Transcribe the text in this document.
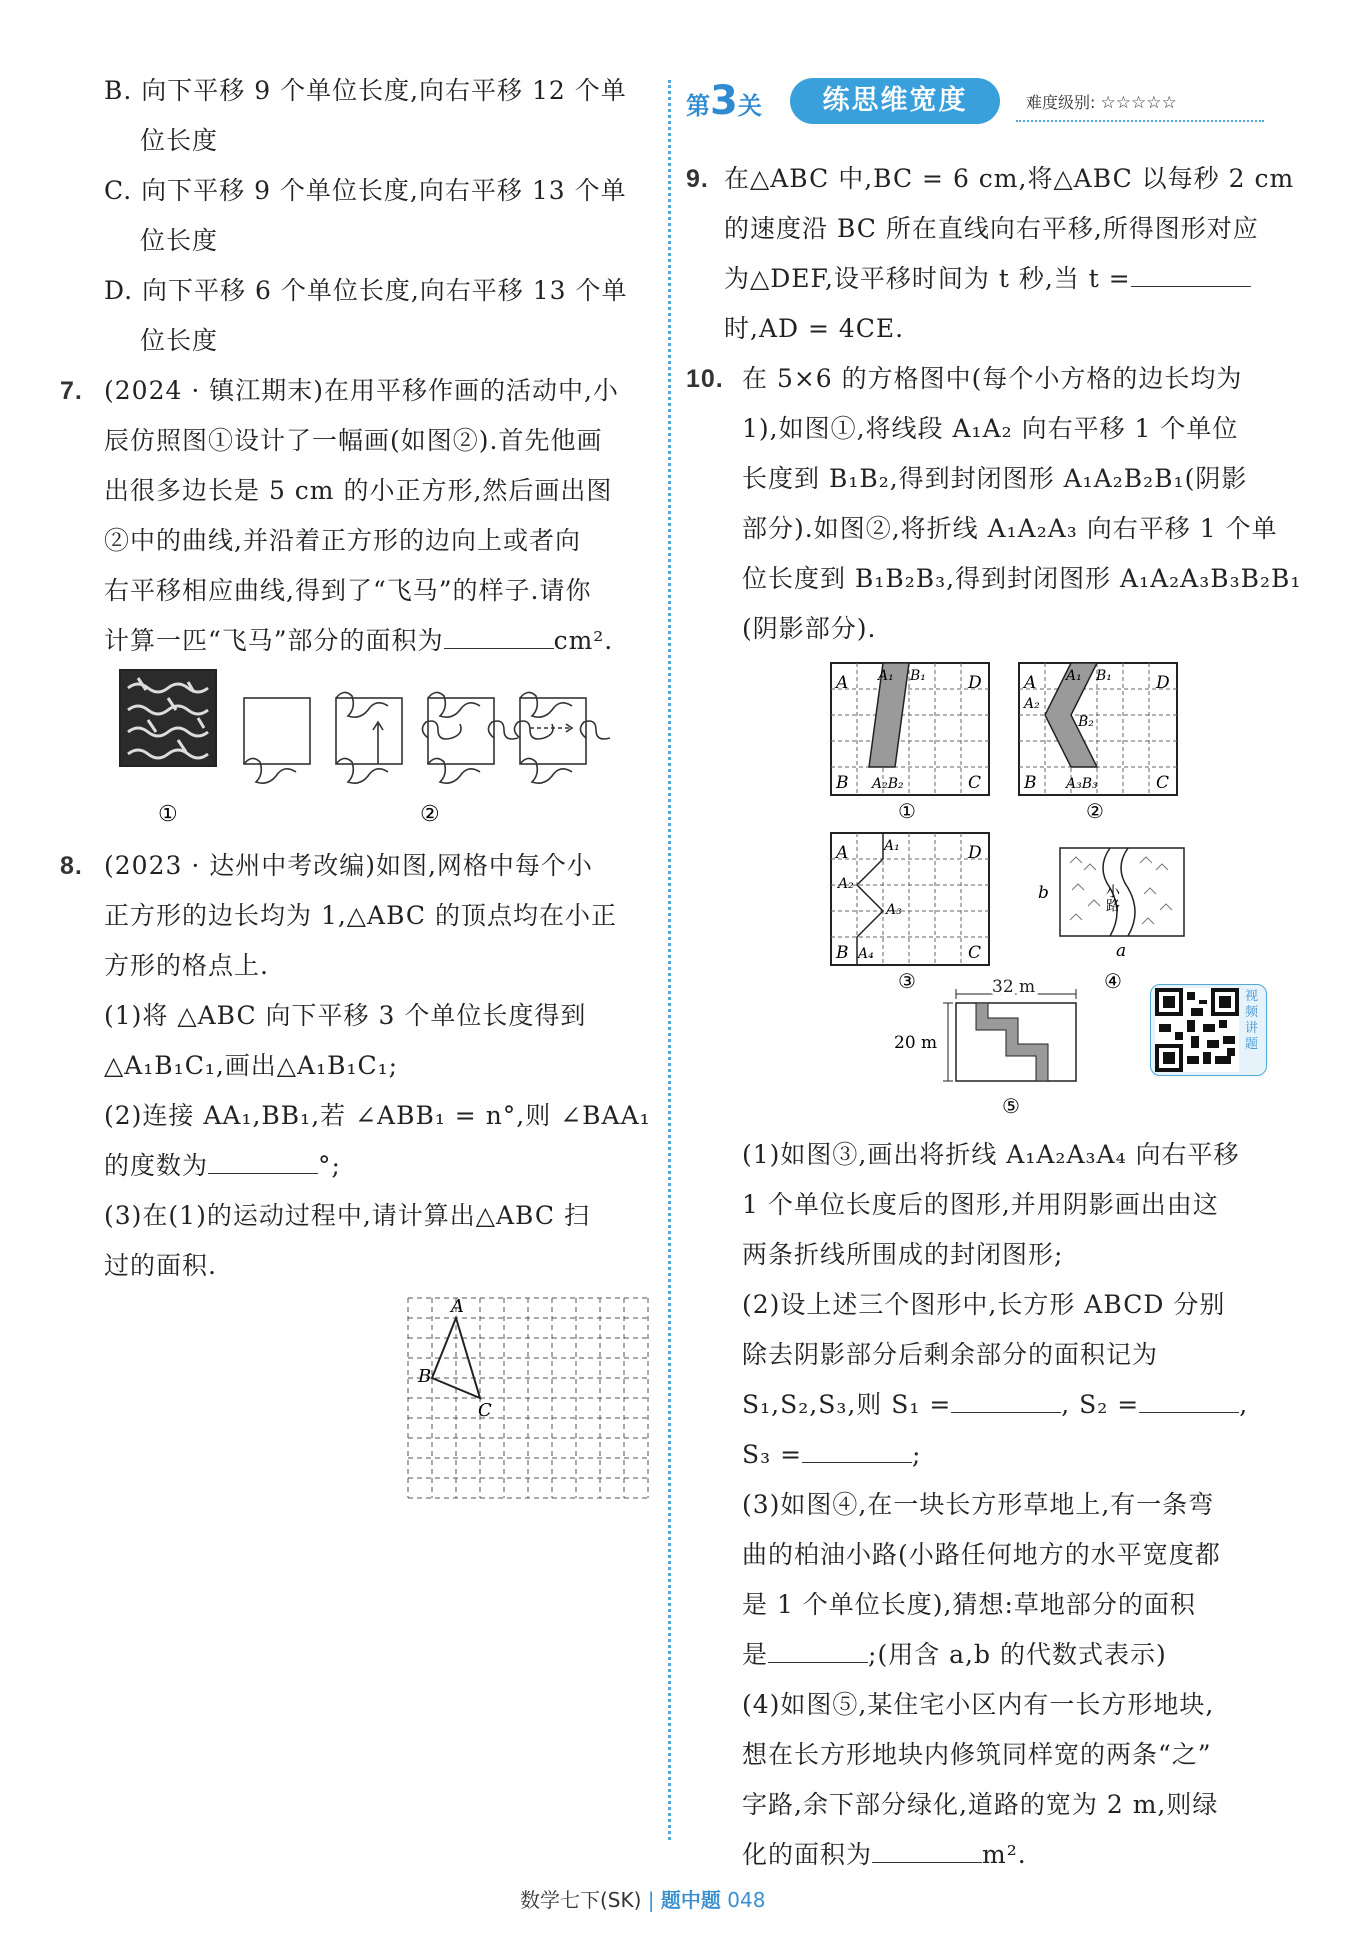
B. 向下平移 9 个单位长度,向右平移 12 个单
位长度
C. 向下平移 9 个单位长度,向右平移 13 个单
位长度
D. 向下平移 6 个单位长度,向右平移 13 个单
位长度
7. (2024 · 镇江期末)在用平移作画的活动中,小
辰仿照图①设计了一幅画(如图②).首先他画
出很多边长是 5 cm 的小正方形,然后画出图
②中的曲线,并沿着正方形的边向上或者向
右平移相应曲线,得到了“飞马”的样子.请你
计算一匹“飞马”部分的面积为	cm².
①	②
8. (2023 · 达州中考改编)如图,网格中每个小
正方形的边长均为 1,△ABC 的顶点均在小正
方形的格点上.
(1)将 △ABC 向下平移 3 个单位长度得到
△A₁B₁C₁,画出△A₁B₁C₁;
(2)连接 AA₁,BB₁,若 ∠ABB₁ = n°,则 ∠BAA₁
的度数为	°;
(3)在(1)的运动过程中,请计算出△ABC 扫
过的面积.
A
B
C
第3关	练思维宽度	难度级别: ☆☆☆☆☆
9. 在△ABC 中,BC = 6 cm,将△ABC 以每秒 2 cm
的速度沿 BC 所在直线向右平移,所得图形对应
为△DEF,设平移时间为 t 秒,当 t =
时,AD = 4CE.
10. 在 5×6 的方格图中(每个小方格的边长均为
1),如图①,将线段 A₁A₂ 向右平移 1 个单位
长度到 B₁B₂,得到封闭图形 A₁A₂B₂B₁(阴影
部分).如图②,将折线 A₁A₂A₃ 向右平移 1 个单
位长度到 B₁B₂B₃,得到封闭图形 A₁A₂A₃B₃B₂B₁
(阴影部分).
A A₁ B₁ D
B A₂B₂	C
①
A A₁ B₁
A₂
B₂
D
B A₃B₃	C
②
A	A₁
A₂
A₃
D
B A₄	C
③
小路
b
a
④
32 m
20 m
⑤
视频讲题
(1)如图③,画出将折线 A₁A₂A₃A₄ 向右平移
1 个单位长度后的图形,并用阴影画出由这
两条折线所围成的封闭图形;
(2)设上述三个图形中,长方形 ABCD 分别
除去阴影部分后剩余部分的面积记为
S₁,S₂,S₃,则 S₁ =	, S₂ =	,
S₃ =	;
(3)如图④,在一块长方形草地上,有一条弯
曲的柏油小路(小路任何地方的水平宽度都
是 1 个单位长度),猜想:草地部分的面积
是	;(用含 a,b 的代数式表示)
(4)如图⑤,某住宅小区内有一长方形地块,
想在长方形地块内修筑同样宽的两条“之”
字路,余下部分绿化,道路的宽为 2 m,则绿
化的面积为	m².
数学七下(SK) | 题中题 048
